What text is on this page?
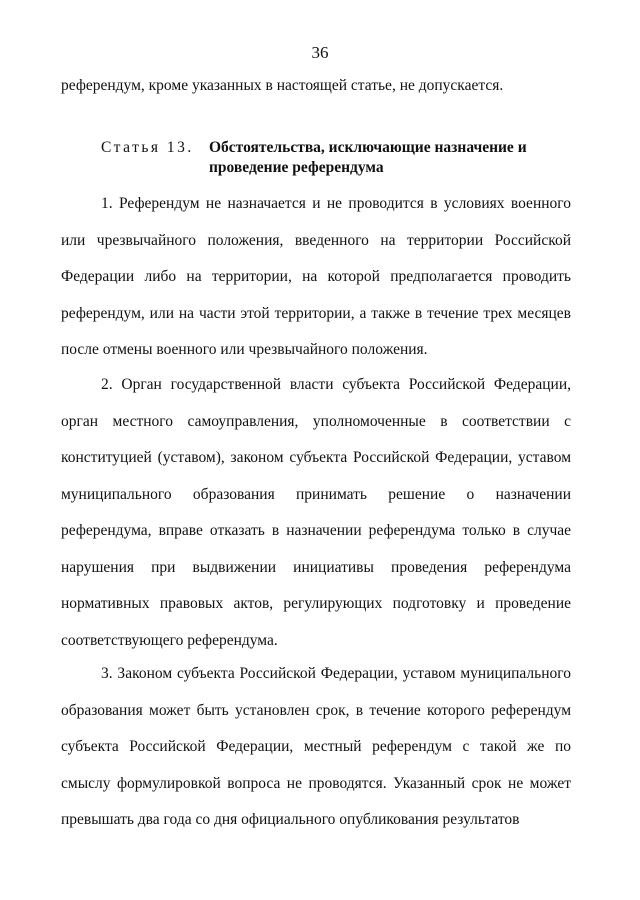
36
референдум, кроме указанных в настоящей статье, не допускается.
Статья 13. Обстоятельства, исключающие назначение и проведение референдума
1. Референдум не назначается и не проводится в условиях военного или чрезвычайного положения, введенного на территории Российской Федерации либо на территории, на которой предполагается проводить референдум, или на части этой территории, а также в течение трех месяцев после отмены военного или чрезвычайного положения.
2. Орган государственной власти субъекта Российской Федерации, орган местного самоуправления, уполномоченные в соответствии с конституцией (уставом), законом субъекта Российской Федерации, уставом муниципального образования принимать решение о назначении референдума, вправе отказать в назначении референдума только в случае нарушения при выдвижении инициативы проведения референдума нормативных правовых актов, регулирующих подготовку и проведение соответствующего референдума.
3. Законом субъекта Российской Федерации, уставом муниципального образования может быть установлен срок, в течение которого референдум субъекта Российской Федерации, местный референдум с такой же по смыслу формулировкой вопроса не проводятся. Указанный срок не может превышать два года со дня официального опубликования результатов
